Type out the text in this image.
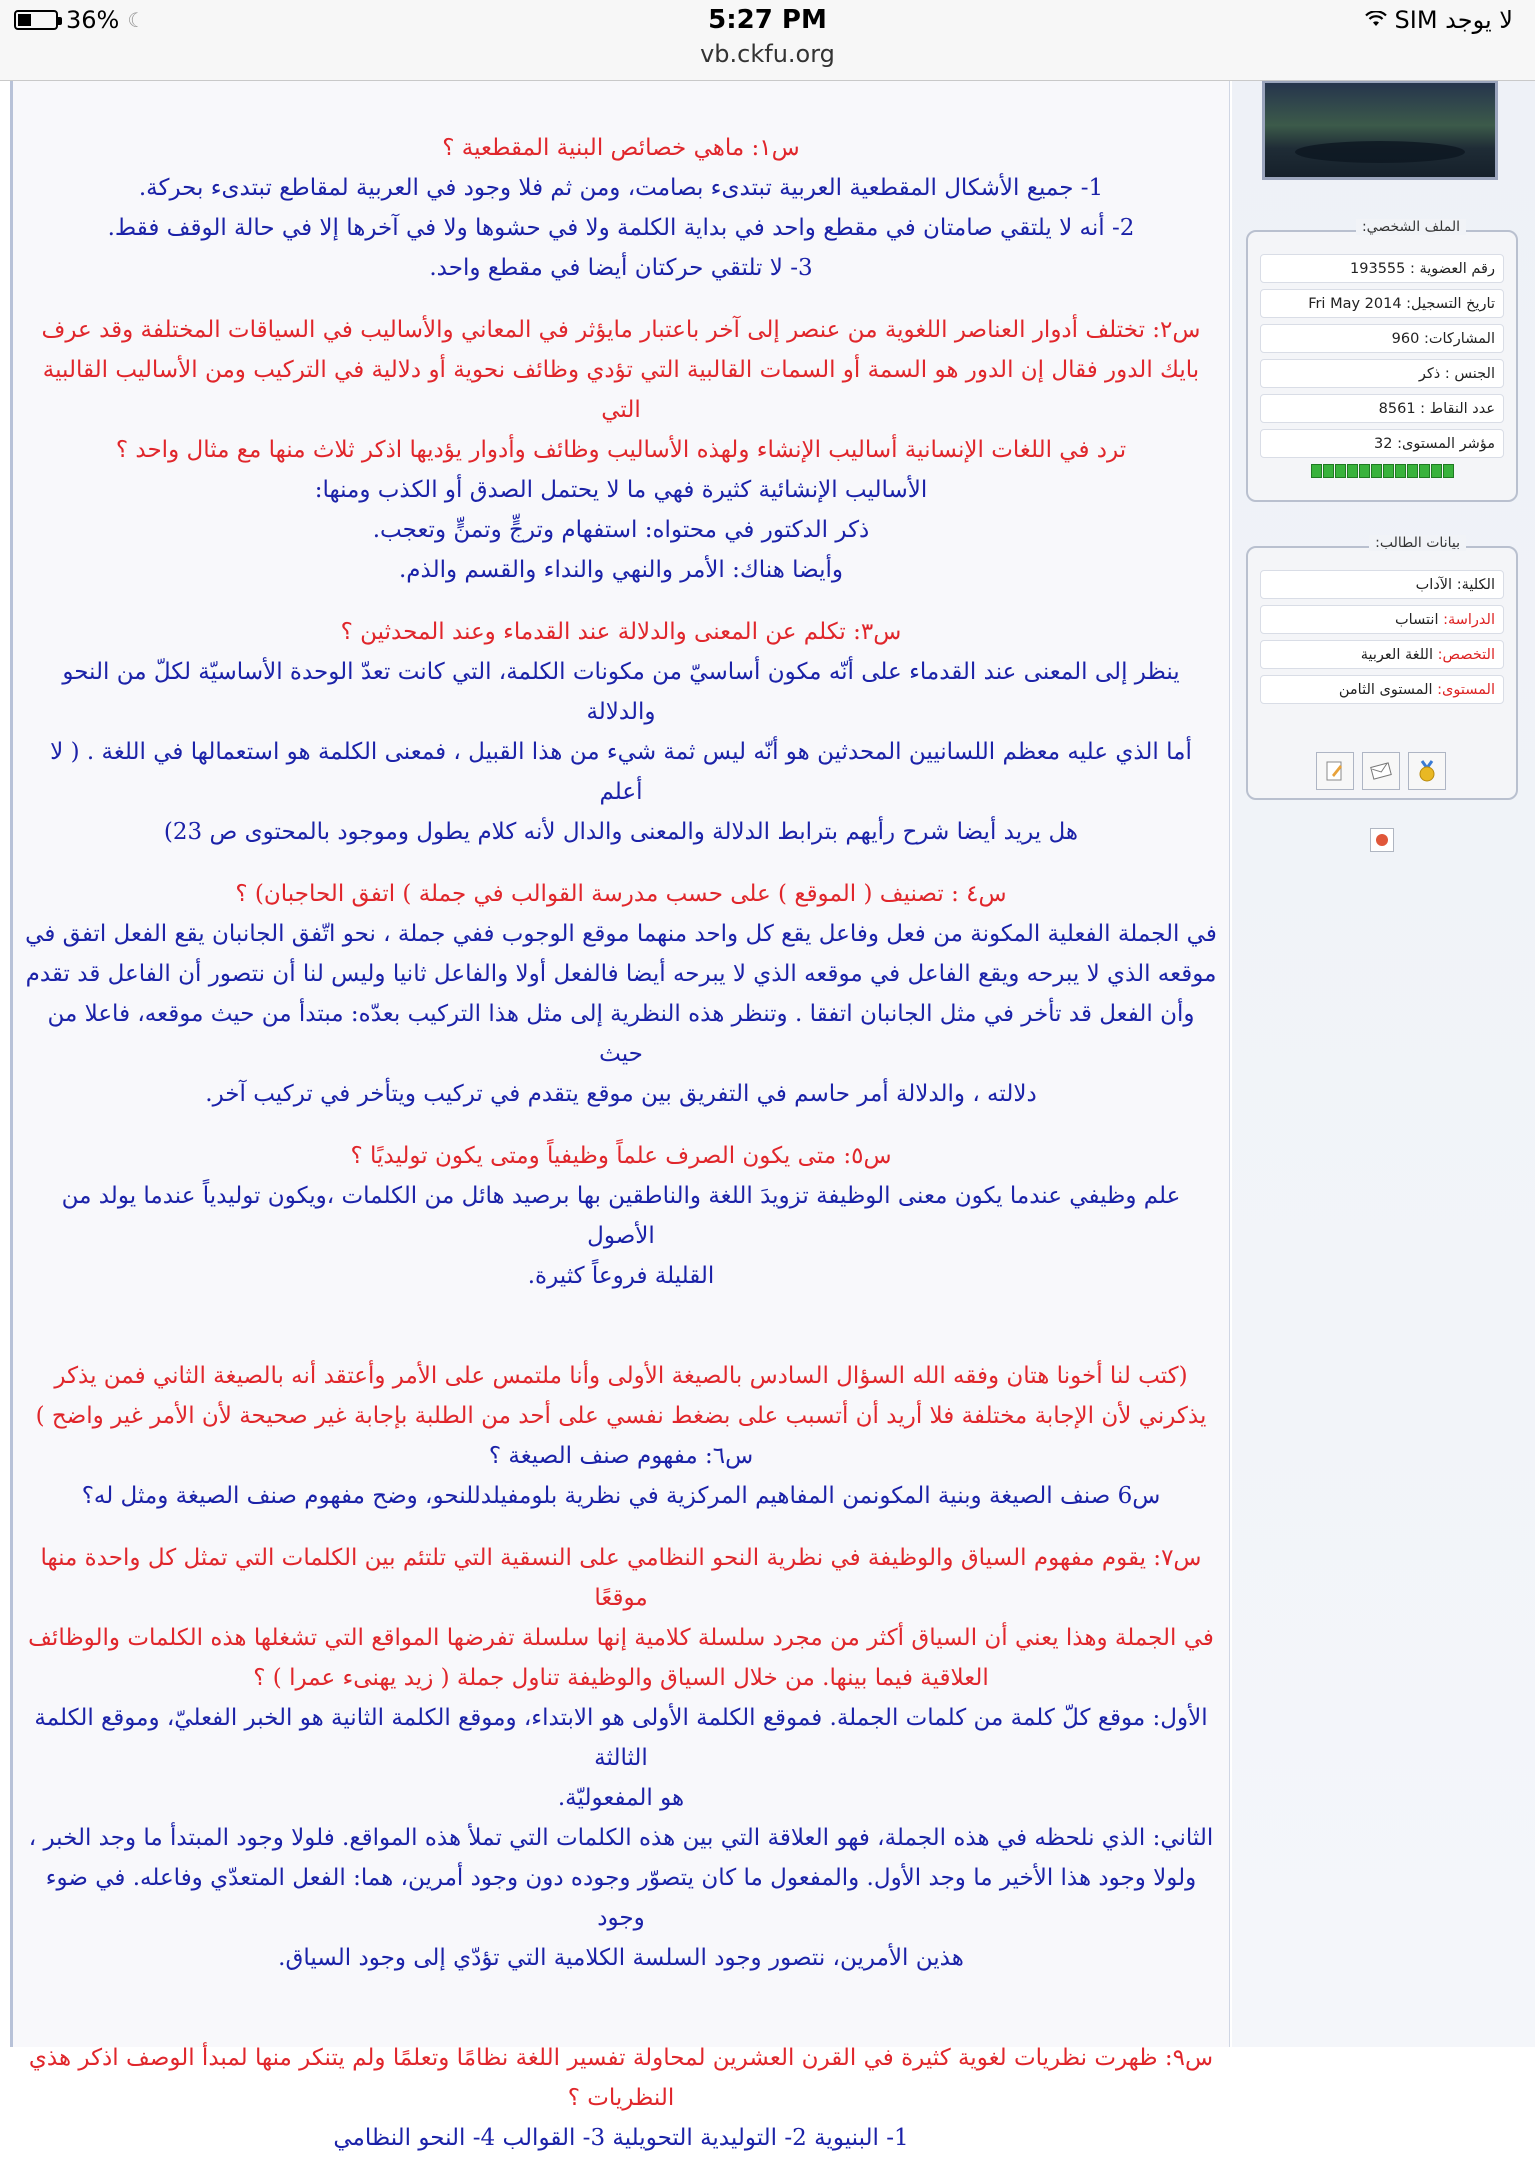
36% ☾	5:27 PM
vb.ckfu.org
لا يوجد SIM
س١: ماهي خصائص البنية المقطعية ؟
1- جميع الأشكال المقطعية العربية تبتدىء بصامت، ومن ثم فلا وجود في العربية لمقاطع تبتدىء بحركة.
2- أنه لا يلتقي صامتان في مقطع واحد في بداية الكلمة ولا في حشوها ولا في آخرها إلا في حالة الوقف فقط.
3- لا تلتقي حركتان أيضا في مقطع واحد.
س٢: تختلف أدوار العناصر اللغوية من عنصر إلى آخر باعتبار مايؤثر في المعاني والأساليب في السياقات المختلفة وقد عرف
بايك الدور فقال إن الدور هو السمة أو السمات القالبية التي تؤدي وظائف نحوية أو دلالية في التركيب ومن الأساليب القالبية التي
ترد في اللغات الإنسانية أساليب الإنشاء ولهذه الأساليب وظائف وأدوار يؤديها اذكر ثلاث منها مع مثال واحد ؟
الأساليب الإنشائية كثيرة فهي ما لا يحتمل الصدق أو الكذب ومنها:
ذكر الدكتور في محتواه: استفهام وترجٍّ وتمنٍّ وتعجب.
وأيضا هناك: الأمر والنهي والنداء والقسم والذم.
س٣: تكلم عن المعنى والدلالة عند القدماء وعند المحدثين ؟
ينظر إلى المعنى عند القدماء على أنّه مكون أساسيّ من مكونات الكلمة، التي كانت تعدّ الوحدة الأساسيّة لكلّ من النحو والدلالة
أما الذي عليه معظم اللسانيين المحدثين هو أنّه ليس ثمة شيء من هذا القبيل ، فمعنى الكلمة هو استعمالها في اللغة . ( لا أعلم
هل يريد أيضا شرح رأيهم بترابط الدلالة والمعنى والدال لأنه كلام يطول وموجود بالمحتوى ص 23)
س٤ : تصنيف ( الموقع ) على حسب مدرسة القوالب في جملة ) اتفق الحاجبان) ؟
في الجملة الفعلية المكونة من فعل وفاعل يقع كل واحد منهما موقع الوجوب ففي جملة ، نحو اتّفق الجانبان يقع الفعل اتفق في
موقعه الذي لا يبرحه ويقع الفاعل في موقعه الذي لا يبرحه أيضا فالفعل أولا والفاعل ثانيا وليس لنا أن نتصور أن الفاعل قد تقدم
وأن الفعل قد تأخر في مثل الجانبان اتفقا . وتنظر هذه النظرية إلى مثل هذا التركيب بعدّه: مبتدأ من حيث موقعه، فاعلا من حيث
دلالته ، والدلالة أمر حاسم في التفريق بين موقع يتقدم في تركيب ويتأخر في تركيب آخر.
س٥: متى يكون الصرف علماً وظيفياً ومتى يكون توليديًا ؟
علم وظيفي عندما يكون معنى الوظيفة تزويدَ اللغة والناطقين بها برصيد هائل من الكلمات ،ويكون توليدياً عندما يولد من الأصول
القليلة فروعاً كثيرة.
(كتب لنا أخونا هتان وفقه الله السؤال السادس بالصيغة الأولى وأنا ملتمس على الأمر وأعتقد أنه بالصيغة الثاني فمن يذكر
يذكرني لأن الإجابة مختلفة فلا أريد أن أتسبب على بضغط نفسي على أحد من الطلبة بإجابة غير صحيحة لأن الأمر غير واضح )
س٦: مفهوم صنف الصيغة ؟
س6 صنف الصيغة وبنية المكونمن المفاهيم المركزية في نظرية بلومفيلدللنحو، وضح مفهوم صنف الصيغة ومثل له؟
س٧: يقوم مفهوم السياق والوظيفة في نظرية النحو النظامي على النسقية التي تلتئم بين الكلمات التي تمثل كل واحدة منها موقعًا
في الجملة وهذا يعني أن السياق أكثر من مجرد سلسلة كلامية إنها سلسلة تفرضها المواقع التي تشغلها هذه الكلمات والوظائف
العلاقية فيما بينها. من خلال السياق والوظيفة تناول جملة ( زيد يهنىء عمرا ) ؟
الأول: موقع كلّ كلمة من كلمات الجملة. فموقع الكلمة الأولى هو الابتداء، وموقع الكلمة الثانية هو الخبر الفعليّ، وموقع الكلمة الثالثة
هو المفعوليّة.
الثاني: الذي نلحظه في هذه الجملة، فهو العلاقة التي بين هذه الكلمات التي تملأ هذه المواقع. فلولا وجود المبتدأ ما وجد الخبر ،
ولولا وجود هذا الأخير ما وجد الأول. والمفعول ما كان يتصوّر وجوده دون وجود أمرين، هما: الفعل المتعدّي وفاعله. في ضوء وجود
هذين الأمرين، نتصور وجود السلسة الكلامية التي تؤدّي إلى وجود السياق.
س٩: ظهرت نظريات لغوية كثيرة في القرن العشرين لمحاولة تفسير اللغة نظامًا وتعلمًا ولم يتنكر منها لمبدأ الوصف اذكر هذي
النظريات ؟
1- البنيوية 2- التوليدية التحويلية 3- القوالب 4- النحو النظامي
الملف الشخصي:
رقم العضوية : 193555
تاريخ التسجيل: Fri May 2014
المشاركات: 960
الجنس : ذكر
عدد النقاط : 8561
مؤشر المستوى: 32
بيانات الطالب:
الكلية: الآداب
الدراسة: انتساب
التخصص: اللغة العربية
المستوى: المستوى الثامن
